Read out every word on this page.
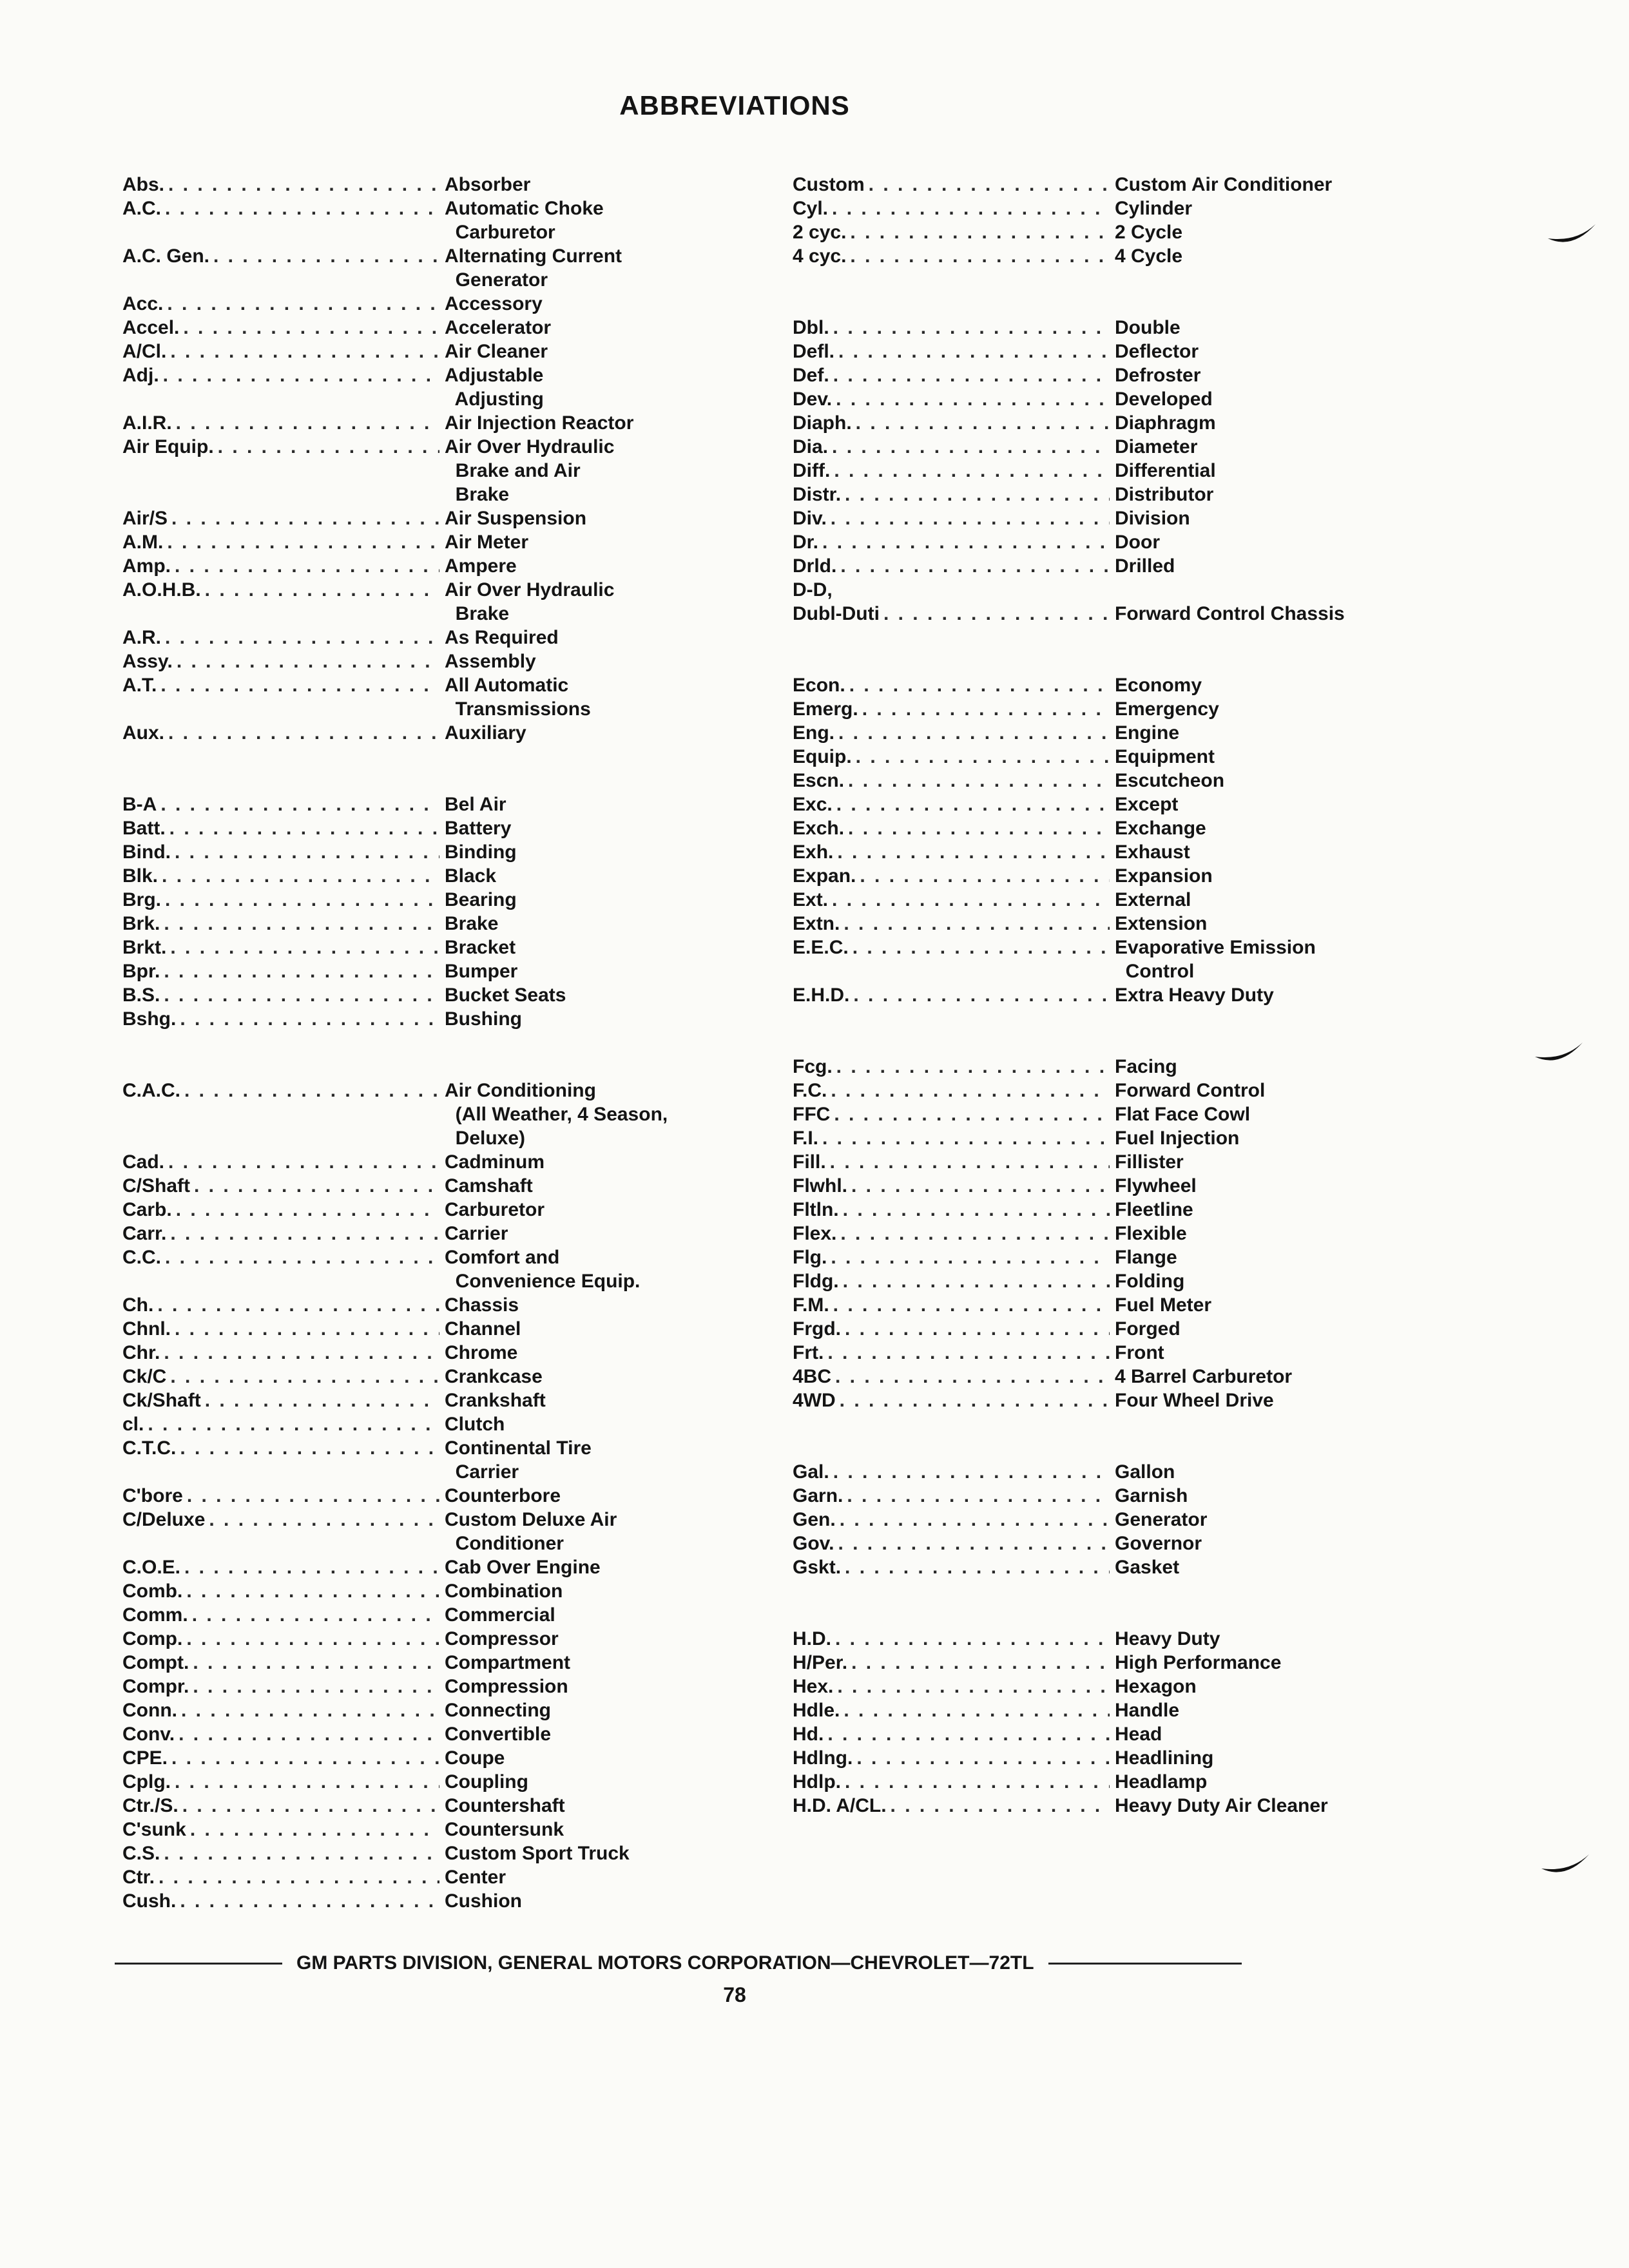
ABBREVIATIONS
Abs. . . .	Absorber
A.C. . . .	Automatic Choke
Carburetor
A.C. Gen. . . .	Alternating Current
Generator
Acc. . . .	Accessory
Accel. . . .	Accelerator
A/Cl. . . .	Air Cleaner
Adj. . . .	Adjustable
Adjusting
A.I.R. . . .	Air Injection Reactor
Air Equip. . . .	Air Over Hydraulic
Brake and Air
Brake
Air/S . . .	Air Suspension
A.M. . . .	Air Meter
Amp. . . .	Ampere
A.O.H.B. . . .	Air Over Hydraulic
Brake
A.R. . . .	As Required
Assy. . . .	Assembly
A.T. . . .	All Automatic
Transmissions
Aux. . . .	Auxiliary
B-A . . .	Bel Air
Batt. . . .	Battery
Bind. . . .	Binding
Blk. . . .	Black
Brg. . . .	Bearing
Brk. . . .	Brake
Brkt. . . .	Bracket
Bpr. . . .	Bumper
B.S. . . .	Bucket Seats
Bshg. . . .	Bushing
C.A.C. . . .	Air Conditioning
(All Weather, 4 Season,
Deluxe)
Cad. . . .	Cadminum
C/Shaft . . .	Camshaft
Carb. . . .	Carburetor
Carr. . . .	Carrier
C.C. . . .	Comfort and
Convenience Equip.
Ch. . . .	Chassis
Chnl. . . .	Channel
Chr. . . .	Chrome
Ck/C . . .	Crankcase
Ck/Shaft . . .	Crankshaft
cl. . . .	Clutch
C.T.C. . . .	Continental Tire
Carrier
C'bore . . .	Counterbore
C/Deluxe . . .	Custom Deluxe Air
Conditioner
C.O.E. . . .	Cab Over Engine
Comb. . . .	Combination
Comm. . . .	Commercial
Comp. . . .	Compressor
Compt. . . .	Compartment
Compr. . . .	Compression
Conn. . . .	Connecting
Conv. . . .	Convertible
CPE. . . .	Coupe
Cplg. . . .	Coupling
Ctr./S. . . .	Countershaft
C'sunk . . .	Countersunk
C.S. . . .	Custom Sport Truck
Ctr. . . .	Center
Cush. . . .	Cushion
Custom . . .	Custom Air Conditioner
Cyl. . . .	Cylinder
2 cyc. . . .	2 Cycle
4 cyc. . . .	4 Cycle
Dbl. . . .	Double
Defl. . . .	Deflector
Def. . . .	Defroster
Dev. . . .	Developed
Diaph. . . .	Diaphragm
Dia. . . .	Diameter
Diff. . . .	Differential
Distr. . . .	Distributor
Div. . . .	Division
Dr. . . .	Door
Drld. . . .	Drilled
D-D,
Dubl-Duti . . .	Forward Control Chassis
Econ. . . .	Economy
Emerg. . . .	Emergency
Eng. . . .	Engine
Equip. . . .	Equipment
Escn. . . .	Escutcheon
Exc. . . .	Except
Exch. . . .	Exchange
Exh. . . .	Exhaust
Expan. . . .	Expansion
Ext. . . .	External
Extn. . . .	Extension
E.E.C. . . .	Evaporative Emission
Control
E.H.D. . . .	Extra Heavy Duty
Fcg. . . .	Facing
F.C. . . .	Forward Control
FFC . . .	Flat Face Cowl
F.I. . . .	Fuel Injection
Fill. . . .	Fillister
Flwhl. . . .	Flywheel
Fltln. . . .	Fleetline
Flex. . . .	Flexible
Flg. . . .	Flange
Fldg. . . .	Folding
F.M. . . .	Fuel Meter
Frgd. . . .	Forged
Frt. . . .	Front
4BC . . .	4 Barrel Carburetor
4WD . . .	Four Wheel Drive
Gal. . . .	Gallon
Garn. . . .	Garnish
Gen. . . .	Generator
Gov. . . .	Governor
Gskt. . . .	Gasket
H.D. . . .	Heavy Duty
H/Per. . . .	High Performance
Hex. . . .	Hexagon
Hdle. . . .	Handle
Hd. . . .	Head
Hdlng. . . .	Headlining
Hdlp. . . .	Headlamp
H.D. A/CL. . . .	Heavy Duty Air Cleaner
GM PARTS DIVISION, GENERAL MOTORS CORPORATION—CHEVROLET—72TL
78
